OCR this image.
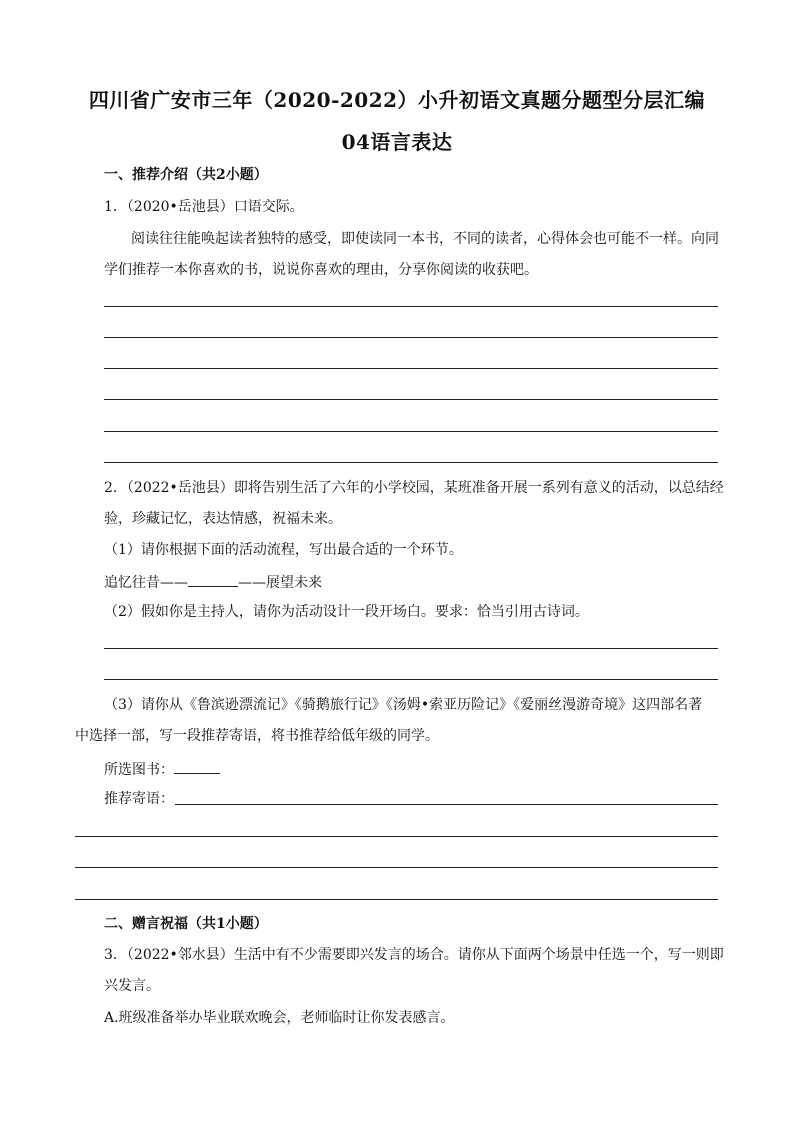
四川省广安市三年（2020-2022）小升初语文真题分题型分层汇编
04语言表达
一、推荐介绍（共2小题）
1．（2020•岳池县）口语交际。
阅读往往能唤起读者独特的感受，即使读同一本书，不同的读者，心得体会也可能不一样。向同
学们推荐一本你喜欢的书，说说你喜欢的理由，分享你阅读的收获吧。
2．（2022•岳池县）即将告别生活了六年的小学校园，某班准备开展一系列有意义的活动，以总结经
验，珍藏记忆，表达情感，祝福未来。
（1）请你根据下面的活动流程，写出最合适的一个环节。
追忆往昔——	——展望未来
（2）假如你是主持人，请你为活动设计一段开场白。要求：恰当引用古诗词。
（3）请你从《鲁滨逊漂流记》《骑鹅旅行记》《汤姆•索亚历险记》《爱丽丝漫游奇境》这四部名著
中选择一部，写一段推荐寄语，将书推荐给低年级的同学。
所选图书：
推荐寄语：
二、赠言祝福（共1小题）
3．（2022•邻水县）生活中有不少需要即兴发言的场合。请你从下面两个场景中任选一个，写一则即
兴发言。
A.班级准备举办毕业联欢晚会，老师临时让你发表感言。
